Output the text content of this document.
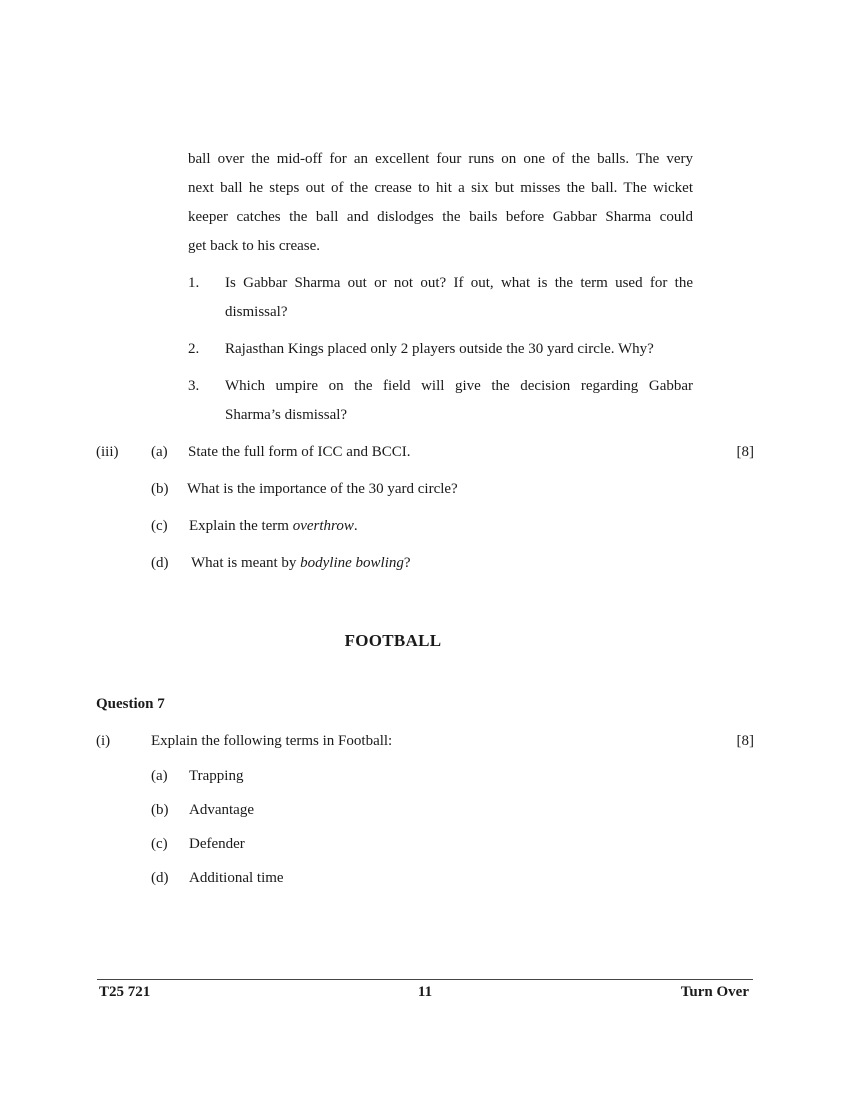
ball over the mid-off for an excellent four runs on one of the balls. The very
next ball he steps out of the crease to hit a six but misses the ball. The wicket
keeper catches the ball and dislodges the bails before Gabbar Sharma could
get back to his crease.
1. Is Gabbar Sharma out or not out? If out, what is the term used for the
dismissal?
2. Rajasthan Kings placed only 2 players outside the 30 yard circle. Why?
3. Which umpire on the field will give the decision regarding Gabbar
Sharma’s dismissal?
(iii)	[8]
(a) State the full form of ICC and BCCI.
(b) What is the importance of the 30 yard circle?
(c) Explain the term overthrow.
(d) What is meant by bodyline bowling?
FOOTBALL
Question 7
(i)	Explain the following terms in Football:	[8]
(a) Trapping
(b) Advantage
(c) Defender
(d) Additional time
T25 721	11	Turn Over
